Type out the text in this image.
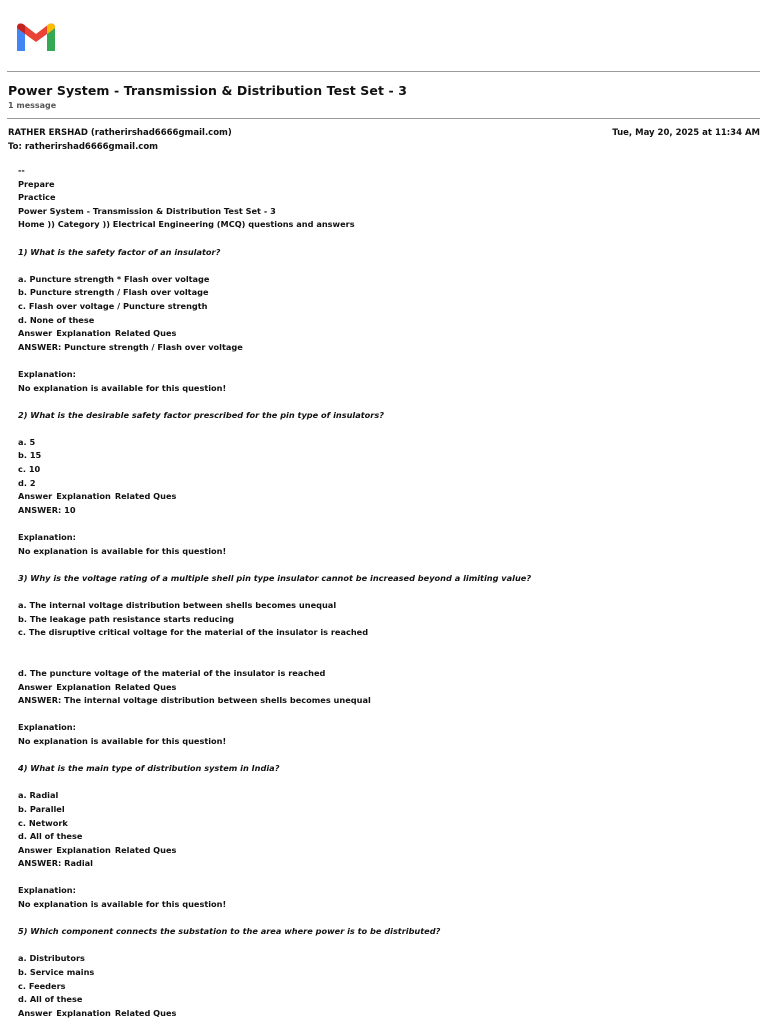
Power System - Transmission & Distribution Test Set - 3
1 message
RATHER ERSHAD (ratherirshad6666gmail.com)	Tue, May 20, 2025 at 11:34 AM
To: ratherirshad6666gmail.com
--
Prepare
Practice
Power System - Transmission & Distribution Test Set - 3
Home )) Category )) Electrical Engineering (MCQ) questions and answers
1) What is the safety factor of an insulator?
a. Puncture strength * Flash over voltage
b. Puncture strength / Flash over voltage
c. Flash over voltage / Puncture strength
d. None of these
Answer Explanation Related Ques
ANSWER: Puncture strength / Flash over voltage
Explanation:
No explanation is available for this question!
2) What is the desirable safety factor prescribed for the pin type of insulators?
a. 5
b. 15
c. 10
d. 2
Answer Explanation Related Ques
ANSWER: 10
Explanation:
No explanation is available for this question!
3) Why is the voltage rating of a multiple shell pin type insulator cannot be increased beyond a limiting value?
a. The internal voltage distribution between shells becomes unequal
b. The leakage path resistance starts reducing
c. The disruptive critical voltage for the material of the insulator is reached
d. The puncture voltage of the material of the insulator is reached
Answer Explanation Related Ques
ANSWER: The internal voltage distribution between shells becomes unequal
Explanation:
No explanation is available for this question!
4) What is the main type of distribution system in India?
a. Radial
b. Parallel
c. Network
d. All of these
Answer Explanation Related Ques
ANSWER: Radial
Explanation:
No explanation is available for this question!
5) Which component connects the substation to the area where power is to be distributed?
a. Distributors
b. Service mains
c. Feeders
d. All of these
Answer Explanation Related Ques
